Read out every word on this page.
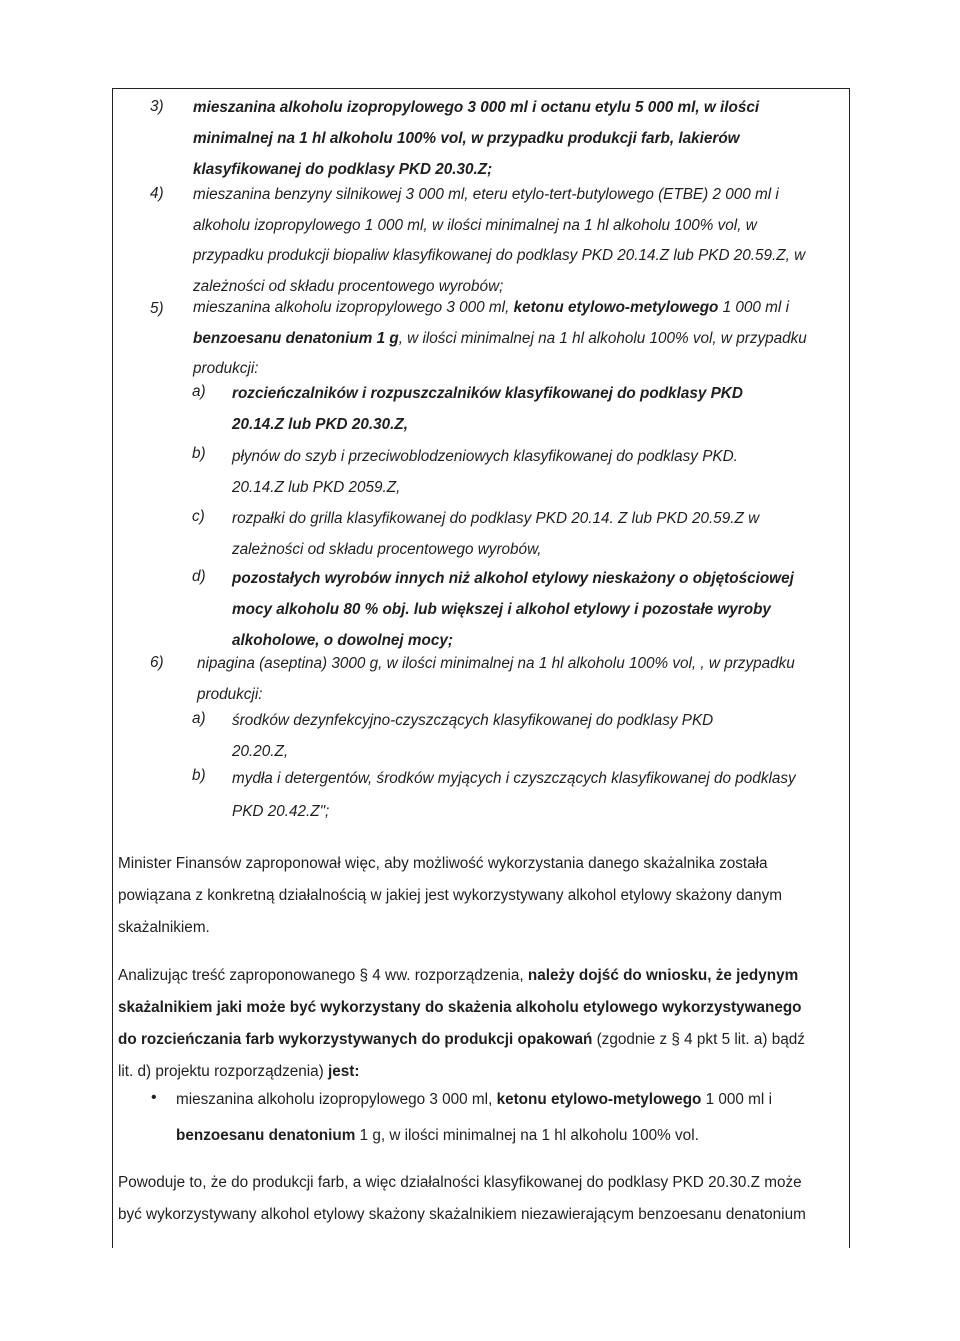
3) mieszanina alkoholu izopropylowego 3 000 ml i octanu etylu 5 000 ml, w ilości
minimalnej na 1 hl alkoholu 100% vol, w przypadku produkcji farb, lakierów
klasyfikowanej do podklasy PKD 20.30.Z;
4) mieszanina benzyny silnikowej 3 000 ml, eteru etylo-tert-butylowego (ETBE) 2 000 ml i
alkoholu izopropylowego 1 000 ml, w ilości minimalnej na 1 hl alkoholu 100% vol, w
przypadku produkcji biopaliw klasyfikowanej do podklasy PKD 20.14.Z lub PKD 20.59.Z, w
zależności od składu procentowego wyrobów;
5) mieszanina alkoholu izopropylowego 3 000 ml, ketonu etylowo-metylowego 1 000 ml i
benzoesanu denatonium 1 g, w ilości minimalnej na 1 hl alkoholu 100% vol, w przypadku
produkcji:
a) rozcieńczalników i rozpuszczalników klasyfikowanej do podklasy PKD
20.14.Z lub PKD 20.30.Z,
b) płynów do szyb i przeciwoblodzeniowych klasyfikowanej do podklasy PKD.
20.14.Z lub PKD 2059.Z,
c) rozpałki do grilla klasyfikowanej do podklasy PKD 20.14. Z lub PKD 20.59.Z w
zależności od składu procentowego wyrobów,
d) pozostałych wyrobów innych niż alkohol etylowy nieskażony o objętościowej
mocy alkoholu 80 % obj. lub większej i alkohol etylowy i pozostałe wyroby
alkoholowe, o dowolnej mocy;
6) nipagina (aseptina) 3000 g, w ilości minimalnej na 1 hl alkoholu 100% vol, , w przypadku
produkcji:
a) środków dezynfekcyjno-czyszczących klasyfikowanej do podklasy PKD
20.20.Z,
b) mydła i detergentów, środków myjących i czyszczących klasyfikowanej do podklasy
PKD 20.42.Z";
Minister Finansów zaproponował więc, aby możliwość wykorzystania danego skażalnika została
powiązana z konkretną działalnością w jakiej jest wykorzystywany alkohol etylowy skażony danym
skażalnikiem.
Analizując treść zaproponowanego § 4 ww. rozporządzenia, należy dojść do wniosku, że jedynym
skażalnikiem jaki może być wykorzystany do skażenia alkoholu etylowego wykorzystywanego
do rozcieńczania farb wykorzystywanych do produkcji opakowań (zgodnie z § 4 pkt 5 lit. a) bądź
lit. d) projektu rozporządzenia) jest:
Powoduje to, że do produkcji farb, a więc działalności klasyfikowanej do podklasy PKD 20.30.Z może
być wykorzystywany alkohol etylowy skażony skażalnikiem niezawierającym benzoesanu denatonium
• mieszanina alkoholu izopropylowego 3 000 ml, ketonu etylowo-metylowego 1 000 ml i
benzoesanu denatonium 1 g, w ilości minimalnej na 1 hl alkoholu 100% vol.
